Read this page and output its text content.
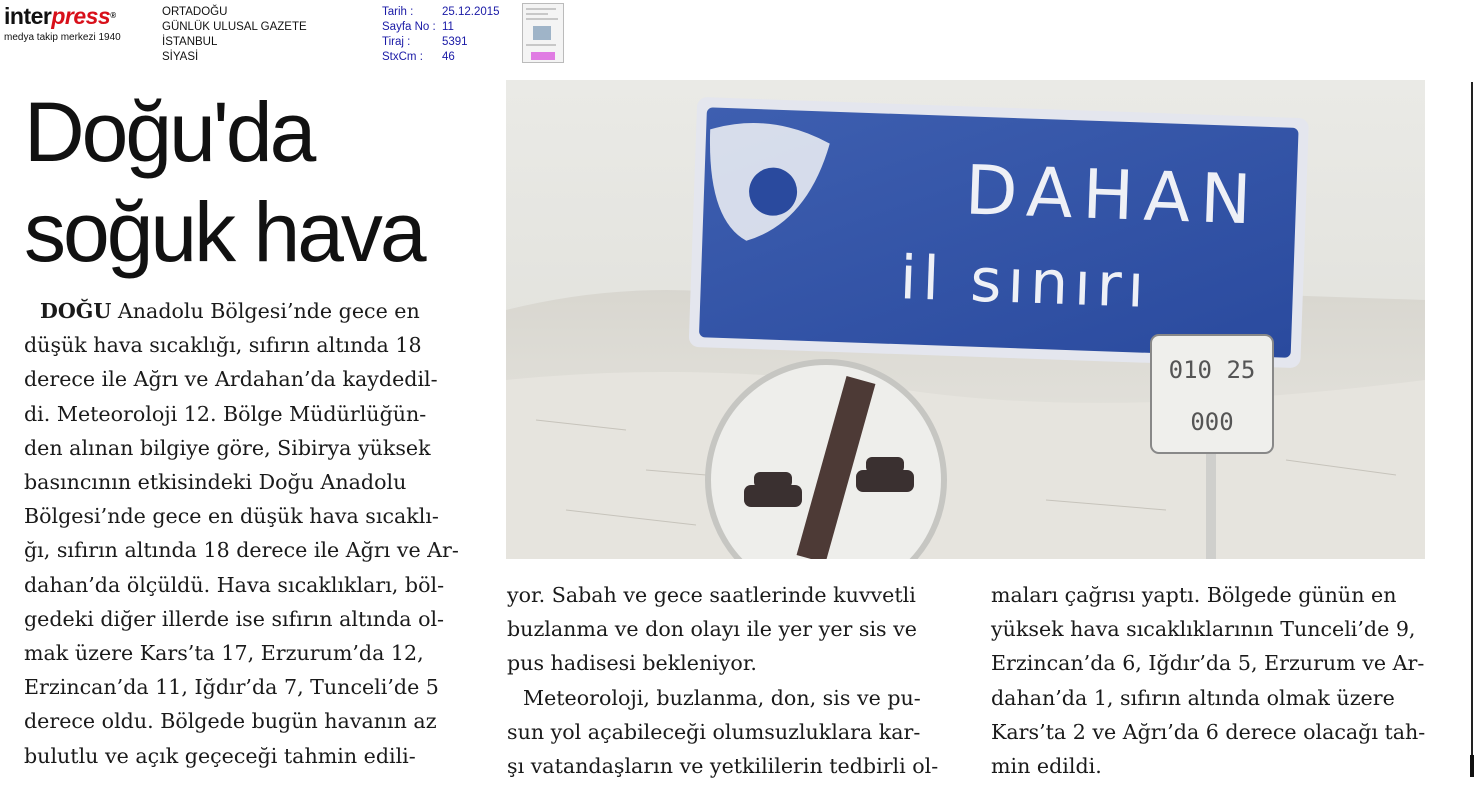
interpress®
medya takip merkezi 1940
ORTADOĞU
GÜNLÜK ULUSAL GAZETE
İSTANBUL
SİYASİ
Tarih :	25.12.2015
Sayfa No : 11
Tiraj :	5391
StxCm :	46
Doğu'da
soğuk hava
DOĞU Anadolu Bölgesi’nde gece en
düşük hava sıcaklığı, sıfırın altında 18
derece ile Ağrı ve Ardahan’da kaydedil-
di. Meteoroloji 12. Bölge Müdürlüğün-
den alınan bilgiye göre, Sibirya yüksek
basıncının etkisindeki Doğu Anadolu
Bölgesi’nde gece en düşük hava sıcaklı-
ğı, sıfırın altında 18 derece ile Ağrı ve Ar-
dahan’da ölçüldü. Hava sıcaklıkları, böl-
gedeki diğer illerde ise sıfırın altında ol-
mak üzere Kars’ta 17, Erzurum’da 12,
Erzincan’da 11, Iğdır’da 7, Tunceli’de 5
derece oldu. Bölgede bugün havanın az
bulutlu ve açık geçeceği tahmin edili-
DAHAN
il sınırı
010 25
000
yor. Sabah ve gece saatlerinde kuvvetli
buzlanma ve don olayı ile yer yer sis ve
pus hadisesi bekleniyor.
Meteoroloji, buzlanma, don, sis ve pu-
sun yol açabileceği olumsuzluklara kar-
şı vatandaşların ve yetkililerin tedbirli ol-
maları çağrısı yaptı. Bölgede günün en
yüksek hava sıcaklıklarının Tunceli’de 9,
Erzincan’da 6, Iğdır’da 5, Erzurum ve Ar-
dahan’da 1, sıfırın altında olmak üzere
Kars’ta 2 ve Ağrı’da 6 derece olacağı tah-
min edildi.
